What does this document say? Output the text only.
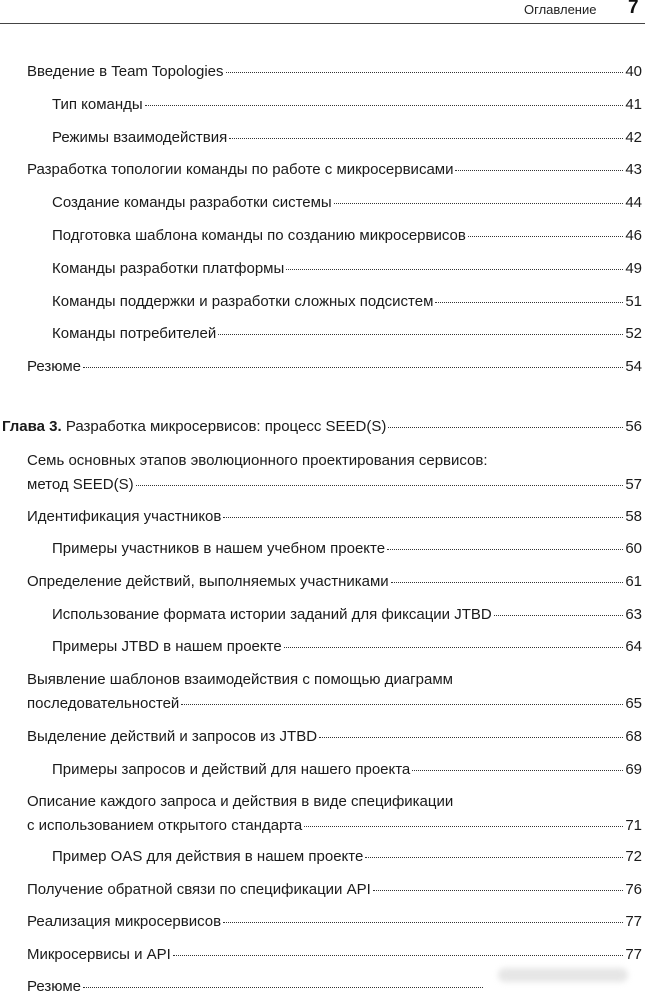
Оглавление 7
Введение в Team Topologies	40
Тип команды	41
Режимы взаимодействия	42
Разработка топологии команды по работе с микросервисами	43
Создание команды разработки системы	44
Подготовка шаблона команды по созданию микросервисов	46
Команды разработки платформы	49
Команды поддержки и разработки сложных подсистем	51
Команды потребителей	52
Резюме	54
Глава 3. Разработка микросервисов: процесс SEED(S)	56
Семь основных этапов эволюционного проектирования сервисов:
метод SEED(S)	57
Идентификация участников	58
Примеры участников в нашем учебном проекте	60
Определение действий, выполняемых участниками	61
Использование формата истории заданий для фиксации JTBD	63
Примеры JTBD в нашем проекте	64
Выявление шаблонов взаимодействия с помощью диаграмм
последовательностей	65
Выделение действий и запросов из JTBD	68
Примеры запросов и действий для нашего проекта	69
Описание каждого запроса и действия в виде спецификации
с использованием открытого стандарта	71
Пример OAS для действия в нашем проекте	72
Получение обратной связи по спецификации API	76
Реализация микросервисов	77
Микросервисы и API	77
Резюме
